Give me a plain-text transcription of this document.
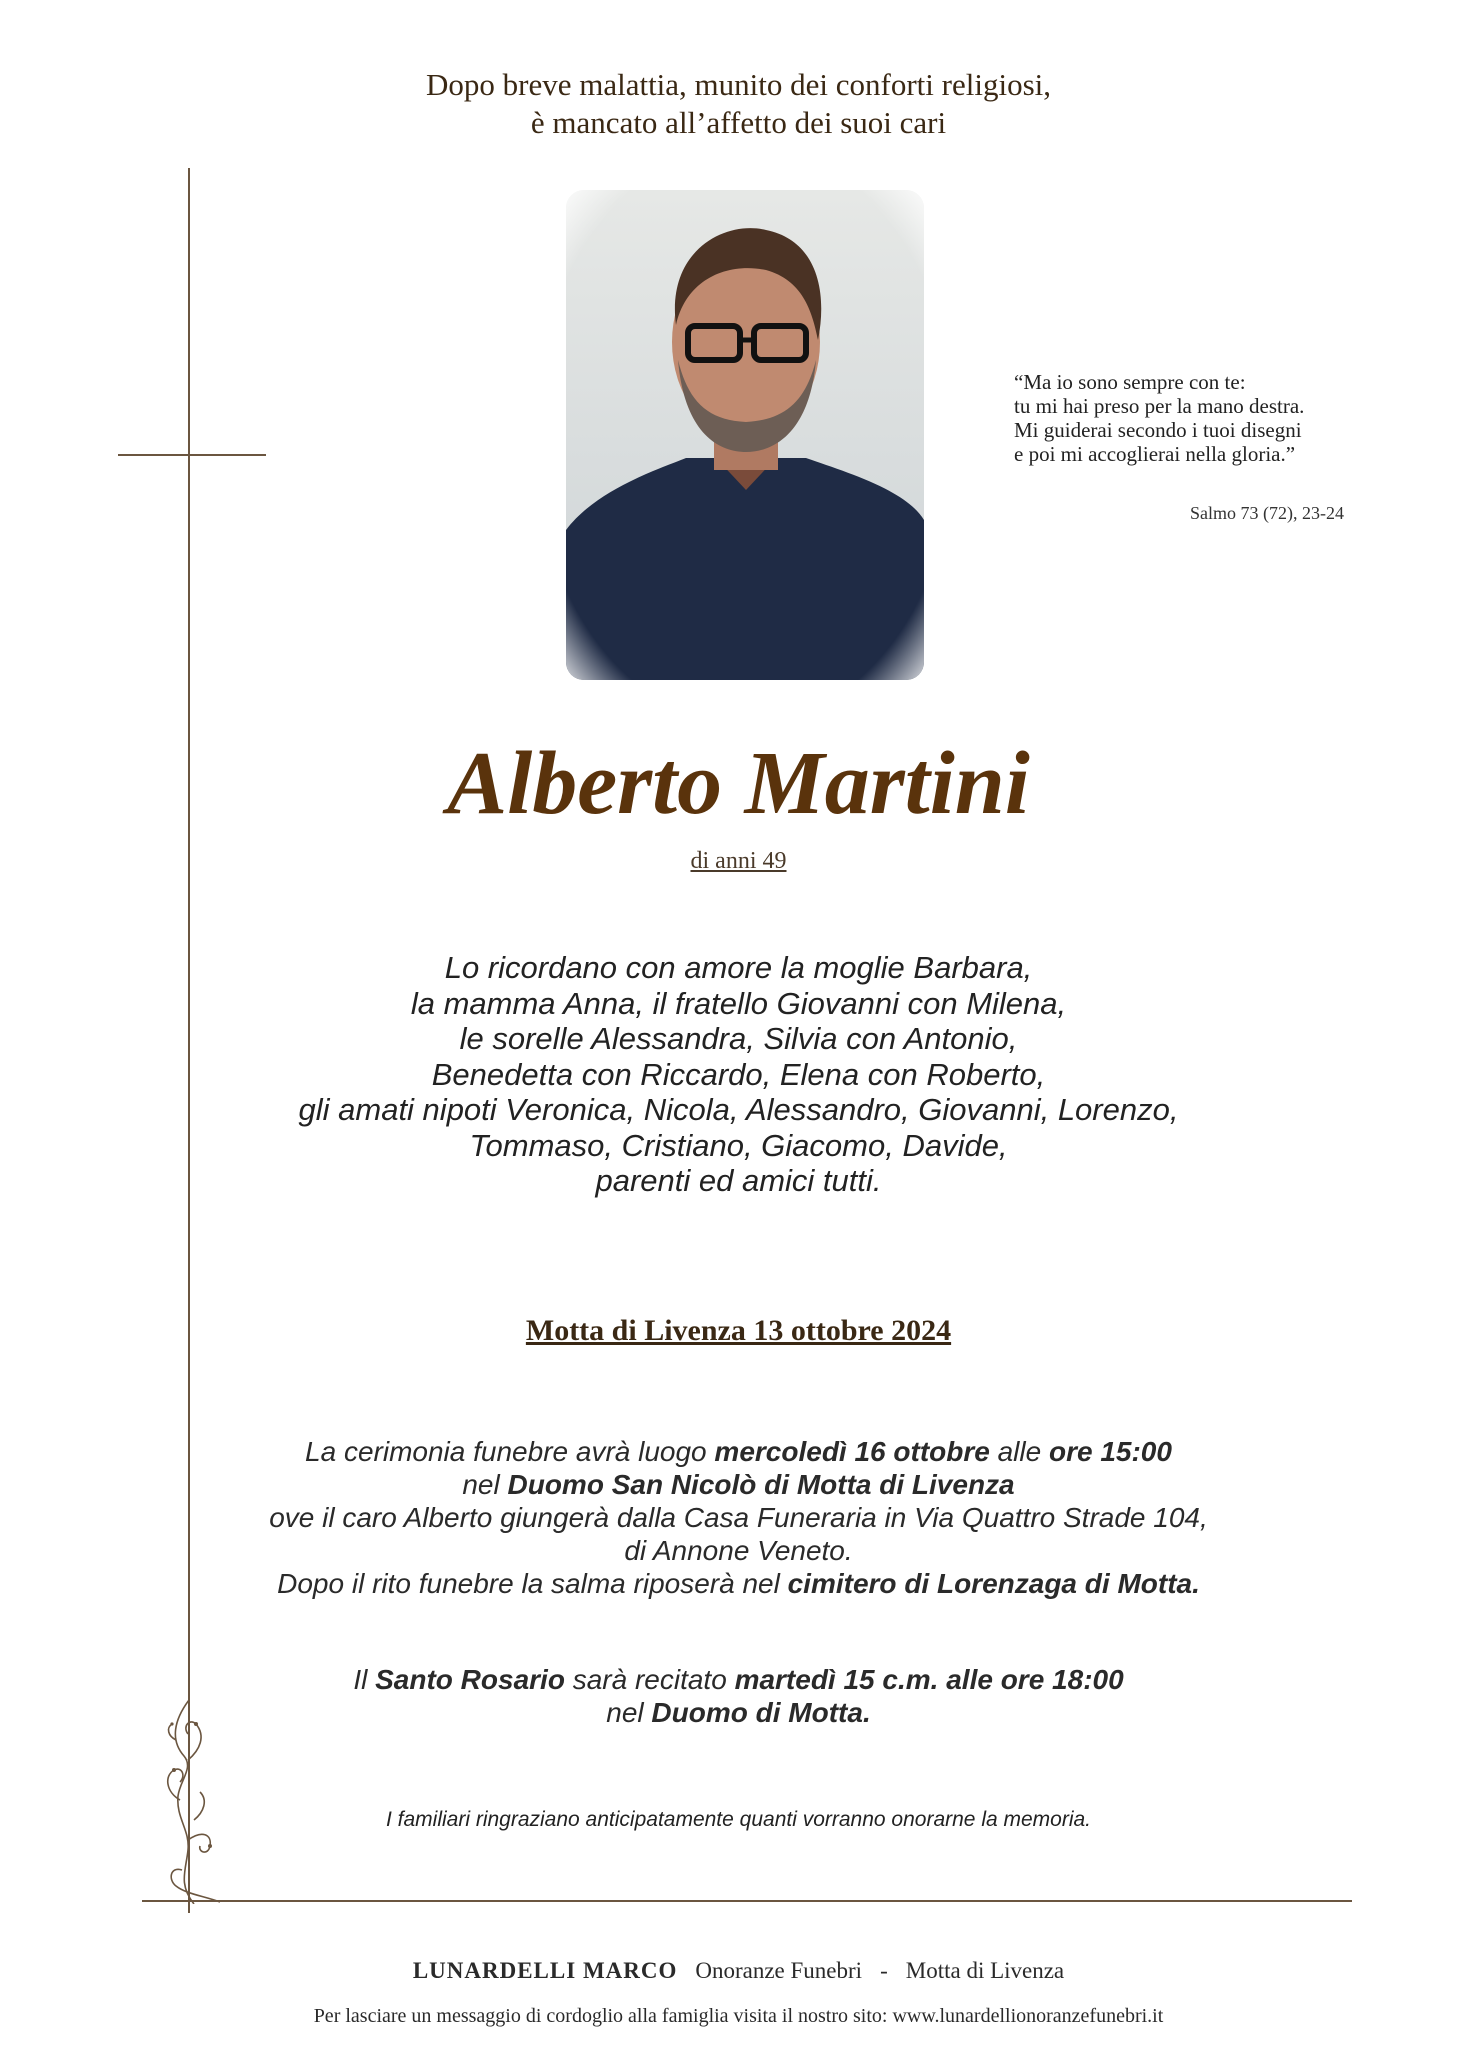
Dopo breve malattia, munito dei conforti religiosi,
è mancato all’affetto dei suoi cari
“Ma io sono sempre con te:
tu mi hai preso per la mano destra.
Mi guiderai secondo i tuoi disegni
e poi mi accoglierai nella gloria.”
Salmo 73 (72), 23-24
Alberto Martini
di anni 49
Lo ricordano con amore la moglie Barbara,
la mamma Anna, il fratello Giovanni con Milena,
le sorelle Alessandra, Silvia con Antonio,
Benedetta con Riccardo, Elena con Roberto,
gli amati nipoti Veronica, Nicola, Alessandro, Giovanni, Lorenzo,
Tommaso, Cristiano, Giacomo, Davide,
parenti ed amici tutti.
Motta di Livenza 13 ottobre 2024
La cerimonia funebre avrà luogo mercoledì 16 ottobre alle ore 15:00
nel Duomo San Nicolò di Motta di Livenza
ove il caro Alberto giungerà dalla Casa Funeraria in Via Quattro Strade 104,
di Annone Veneto.
Dopo il rito funebre la salma riposerà nel cimitero di Lorenzaga di Motta.
Il Santo Rosario sarà recitato martedì 15 c.m. alle ore 18:00
nel Duomo di Motta.
I familiari ringraziano anticipatamente quanti vorranno onorarne la memoria.
LUNARDELLI MARCO Onoranze Funebri - Motta di Livenza
Per lasciare un messaggio di cordoglio alla famiglia visita il nostro sito: www.lunardellionoranzefunebri.it
